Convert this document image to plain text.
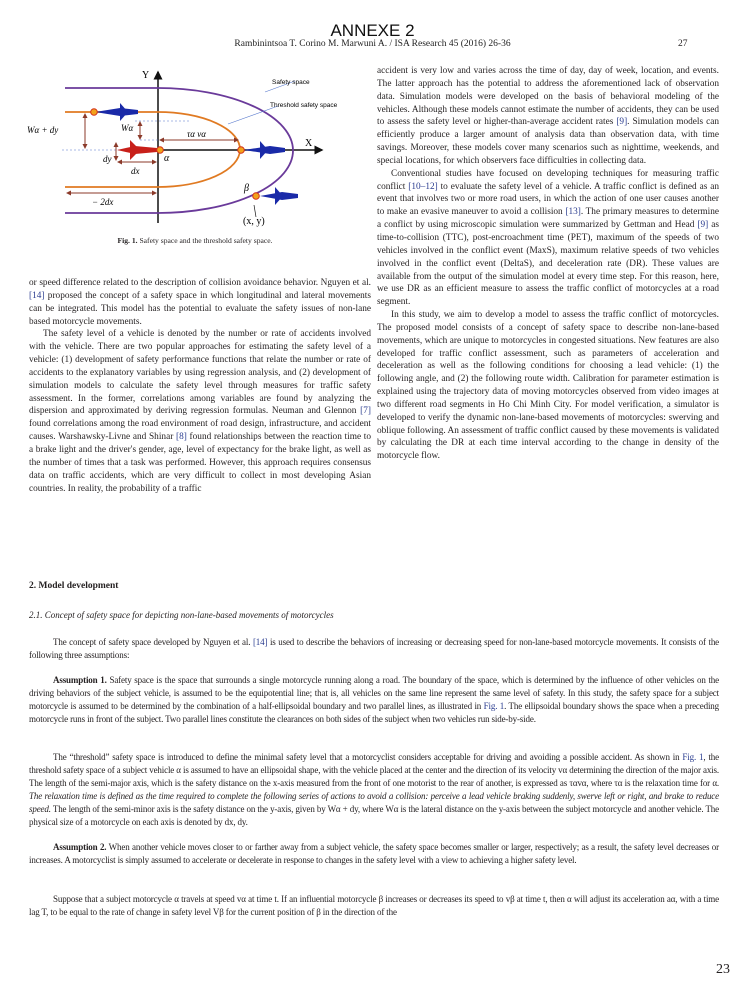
ANNEXE 2
Rambinintsoa T. Corino M. Marwuni A. / ISA Research 45 (2016) 26-36	27
Y
X
Safety space
Threshold safety space
Wα + dy	Wα
τα vα
α
dy
dx
− 2dx
β
(x, y)
Fig. 1. Safety space and the threshold safety space.

or speed difference related to the description of collision avoidance behavior. Nguyen et al. [14] proposed the concept of a safety space in which longitudinal and lateral movements can be integrated. This model has the potential to evaluate the safety issues of non-lane based motorcycle movements.

The safety level of a vehicle is denoted by the number or rate of accidents involved with the vehicle. There are two popular approaches for estimating the safety level of a vehicle: (1) development of safety performance functions that relate the number or rate of accidents to the explanatory variables by using regression analysis, and (2) development of simulation models to calculate the safety level through measures for traffic safety assessment. In the former, correlations among variables are found by analyzing the dispersion and approximated by deriving regression formulas. Neuman and Glennon [7] found correlations among the road environment of road design, infrastructure, and accident causes. Warshawsky-Livne and Shinar [8] found relationships between the reaction time to a brake light and the driver's gender, age, level of expectancy for the brake light, as well as the number of times that a task was performed. However, this approach requires consensus data on traffic accidents, which are very difficult to collect in most developing Asian countries. In reality, the probability of a traffic

accident is very low and varies across the time of day, day of week, location, and events. The latter approach has the potential to address the aforementioned lack of observation data. Simulation models were developed on the basis of behavioral modeling of the vehicles. Although these models cannot estimate the number of accidents, they can be used to assess the safety level or higher-than-average accident rates [9]. Simulation models can efficiently produce a larger amount of analysis data than observation data, with time savings. Moreover, these models cover many scenarios such as nighttime, weekends, and special locations, for which observers face difficulties in collecting data.

Conventional studies have focused on developing techniques for measuring traffic conflict [10–12] to evaluate the safety level of a vehicle. A traffic conflict is defined as an event that involves two or more road users, in which the action of one user causes another to make an evasive maneuver to avoid a collision [13]. The primary measures to determine a conflict by using microscopic simulation were summarized by Gettman and Head [9] as time-to-collision (TTC), post-encroachment time (PET), maximum of the speeds of two vehicles involved in the conflict event (MaxS), maximum relative speeds of two vehicles involved in the conflict event (DeltaS), and deceleration rate (DR). These values are available from the output of the simulation model at every time step. For this reason, here, we use DR as an efficient measure to assess the traffic conflict of motorcycles at a road segment.

In this study, we aim to develop a model to assess the traffic conflict of motorcycles. The proposed model consists of a concept of safety space to describe non-lane-based movements, which are unique to motorcycles in congested situations. New features are also developed for traffic conflict assessment, such as parameters of acceleration and deceleration as well as the following conditions for choosing a lead vehicle: (1) the following angle, and (2) the following route width. Calibration for parameter estimation is explained using the trajectory data of moving motorcycles observed from video images at two different road segments in Ho Chi Minh City. For model verification, a simulator is developed to verify the dynamic non-lane-based movements of motorcycles: swerving and oblique following. An assessment of traffic conflict caused by these movements is validated by calculating the DR at each time interval according to the change in density of the motorcycle flow.

2. Model development
2.1. Concept of safety space for depicting non-lane-based movements of motorcycles

The concept of safety space developed by Nguyen et al. [14] is used to describe the behaviors of increasing or decreasing speed for non-lane-based motorcycle movements. It consists of the following three assumptions:

Assumption 1. Safety space is the space that surrounds a single motorcycle running along a road. The boundary of the space, which is determined by the influence of other vehicles on the driving behaviors of the subject vehicle, is assumed to be the equipotential line; that is, all vehicles on the same line represent the same level of safety. In this study, the safety space for a subject motorcycle is assumed to be determined by the combination of a half-ellipsoidal boundary and two parallel lines, as illustrated in Fig. 1. The ellipsoidal boundary shows the space when a preceding motorcycle runs in front of the subject. Two parallel lines constitute the clearances on both sides of the subject when two vehicles run side-by-side.

The “threshold” safety space is introduced to define the minimal safety level that a motorcyclist considers acceptable for driving and avoiding a possible accident. As shown in Fig. 1, the threshold safety space of a subject vehicle α is assumed to have an ellipsoidal shape, with the vehicle placed at the center and the direction of its velocity vα determining the direction of the major axis. The length of the semi-major axis, which is the safety distance on the x-axis measured from the front of one motorist to the rear of another, is expressed as ταvα, where τα is the relaxation time for α. The relaxation time is defined as the time required to complete the following series of actions to avoid a collision: perceive a lead vehicle braking suddenly, swerve left or right, and brake to reduce speed. The length of the semi-minor axis is the safety distance on the y-axis, given by Wα + dy, where Wα is the lateral distance on the y-axis between the subject motorcycle and another vehicle. The physical size of a motorcycle on each axis is denoted by dx, dy.

Assumption 2. When another vehicle moves closer to or farther away from a subject vehicle, the safety space becomes smaller or larger, respectively; as a result, the safety level decreases or increases. A motorcyclist is simply assumed to accelerate or decelerate in response to changes in the safety level with a view to achieving a higher safety level.

Suppose that a subject motorcycle α travels at speed vα at time t. If an influential motorcycle β increases or decreases its speed to vβ at time t, then α will adjust its acceleration aα, with a time lag T, to be equal to the rate of change in safety level Vβ for the current position of β in the direction of the

23
